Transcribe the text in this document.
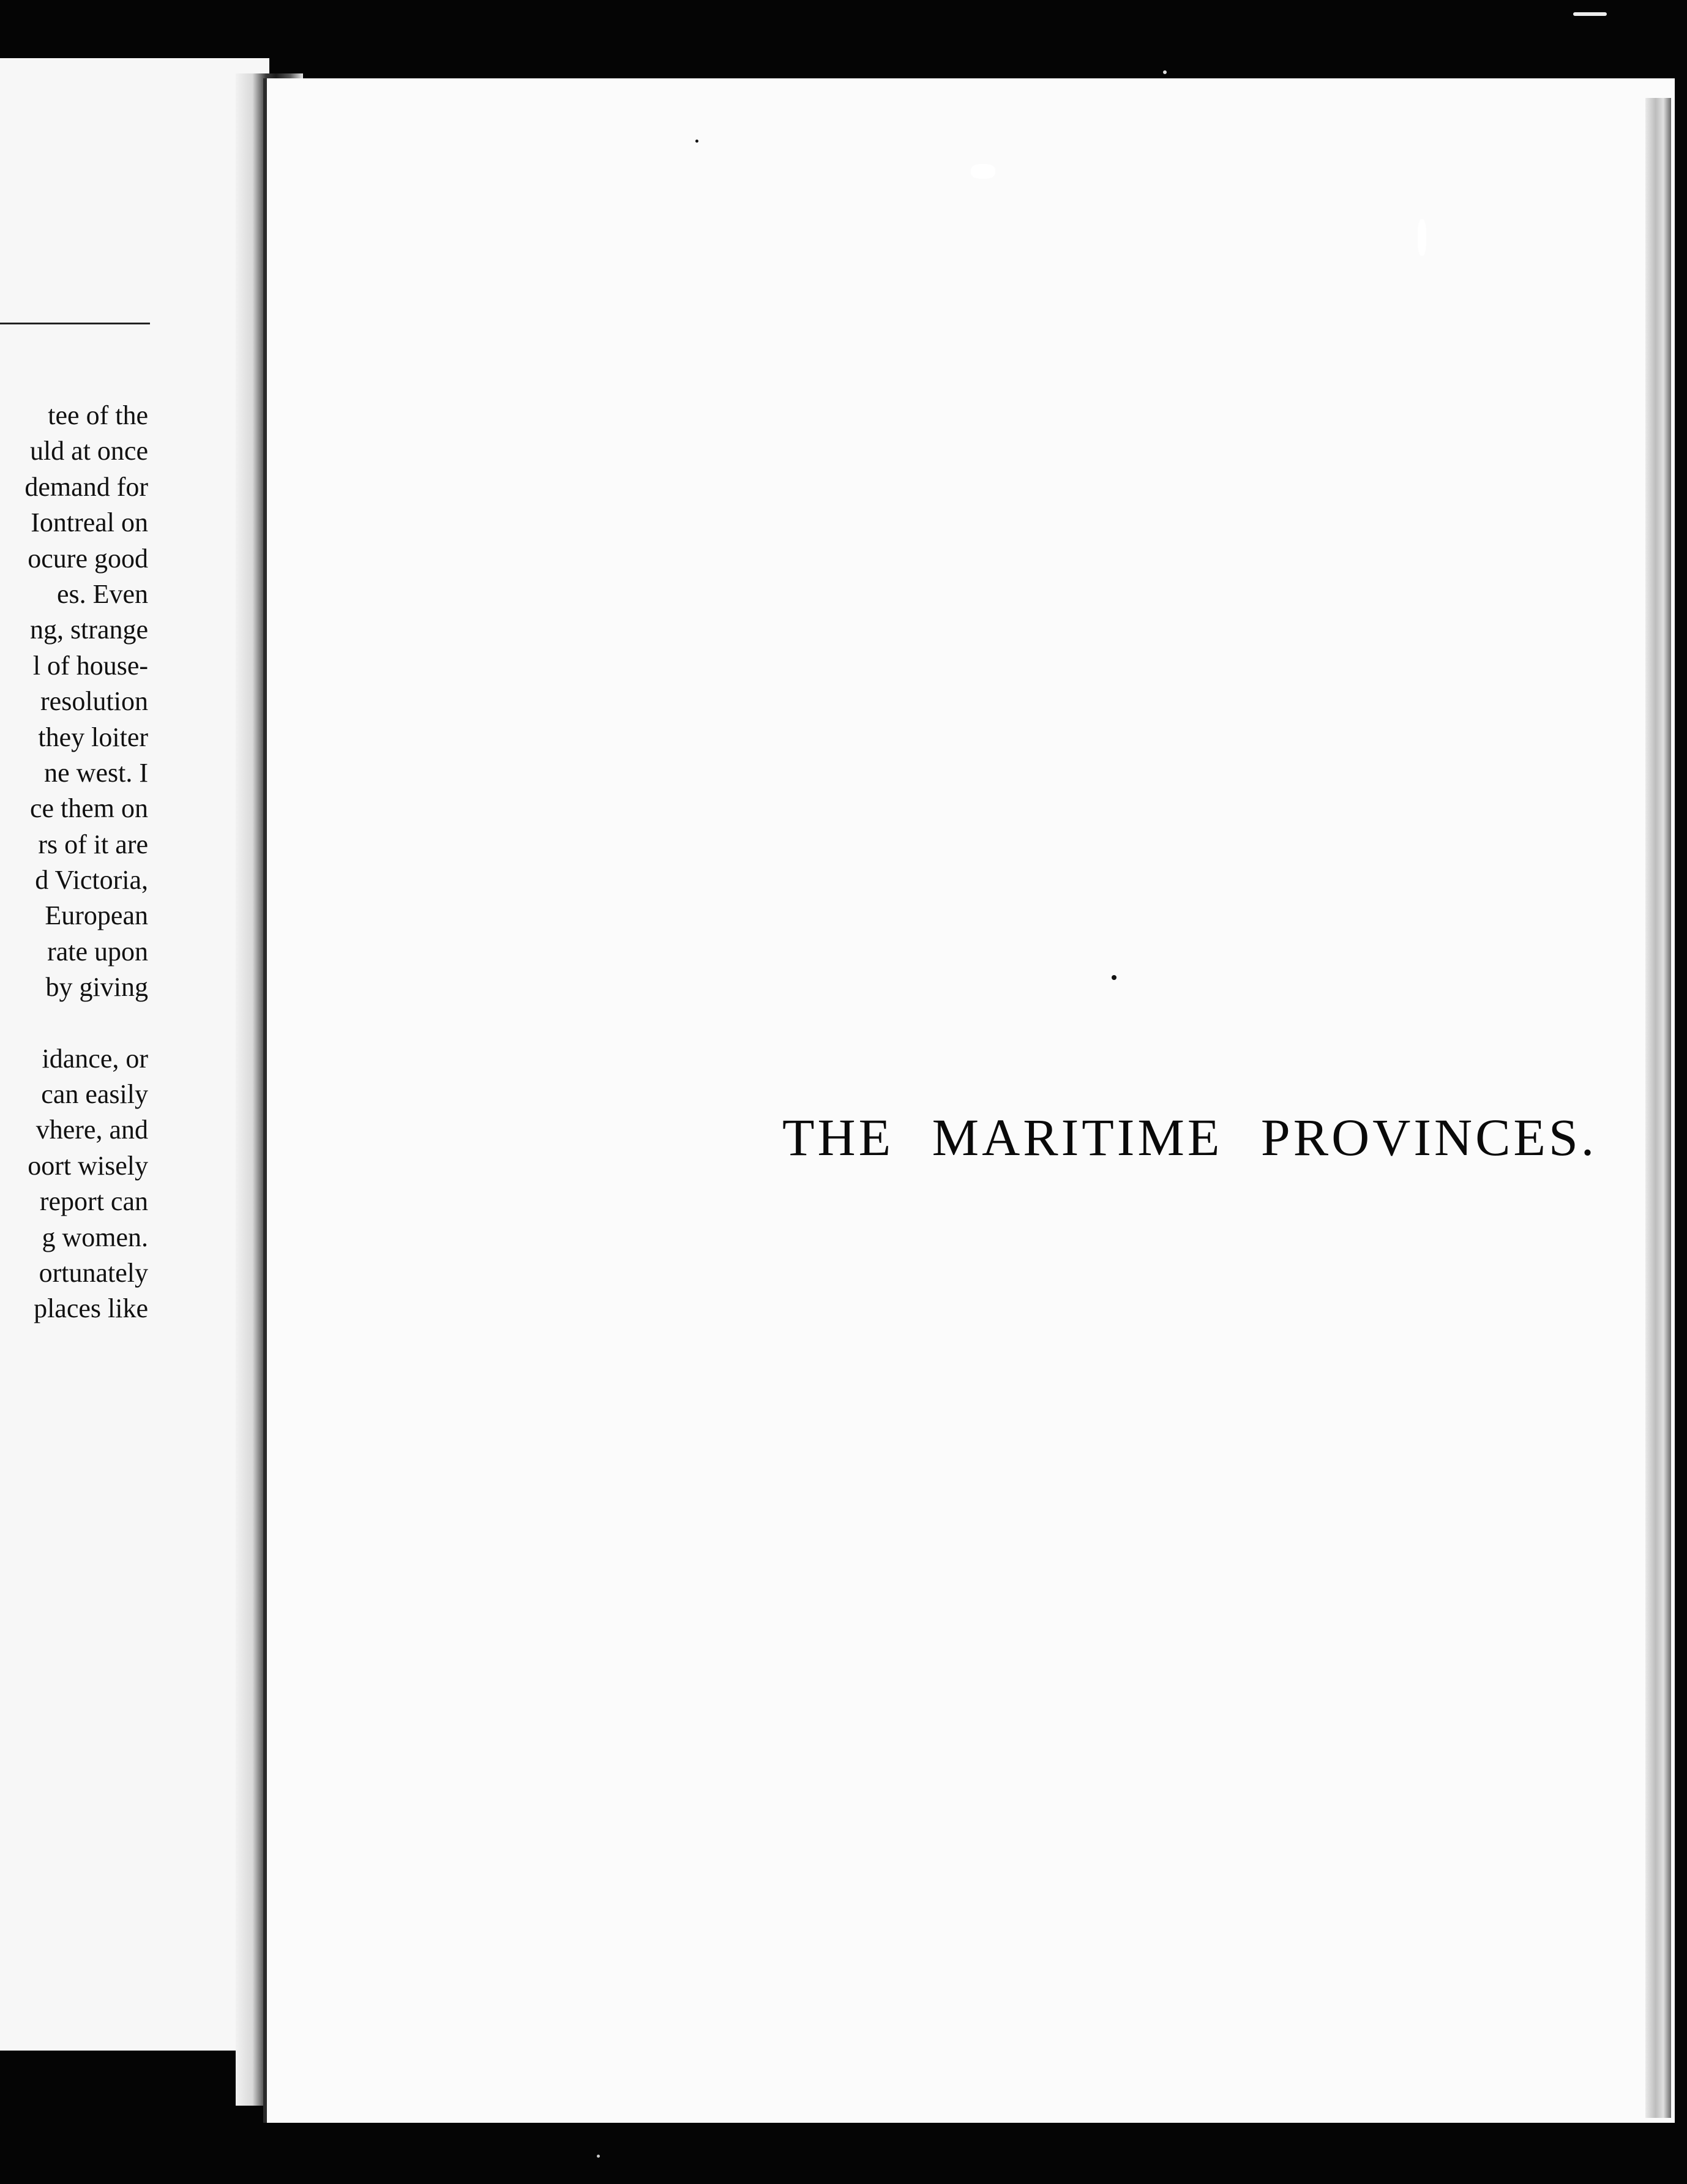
tee of the
uld at once
demand for
Iontreal on
ocure good
es. Even
ng, strange
l of house-
resolution
they loiter
ne west. I
ce them on
rs of it are
d Victoria,
European
rate upon
by giving
idance, or
can easily
vhere, and
oort wisely
report can
g women.
ortunately
places like
THE MARITIME PROVINCES.
